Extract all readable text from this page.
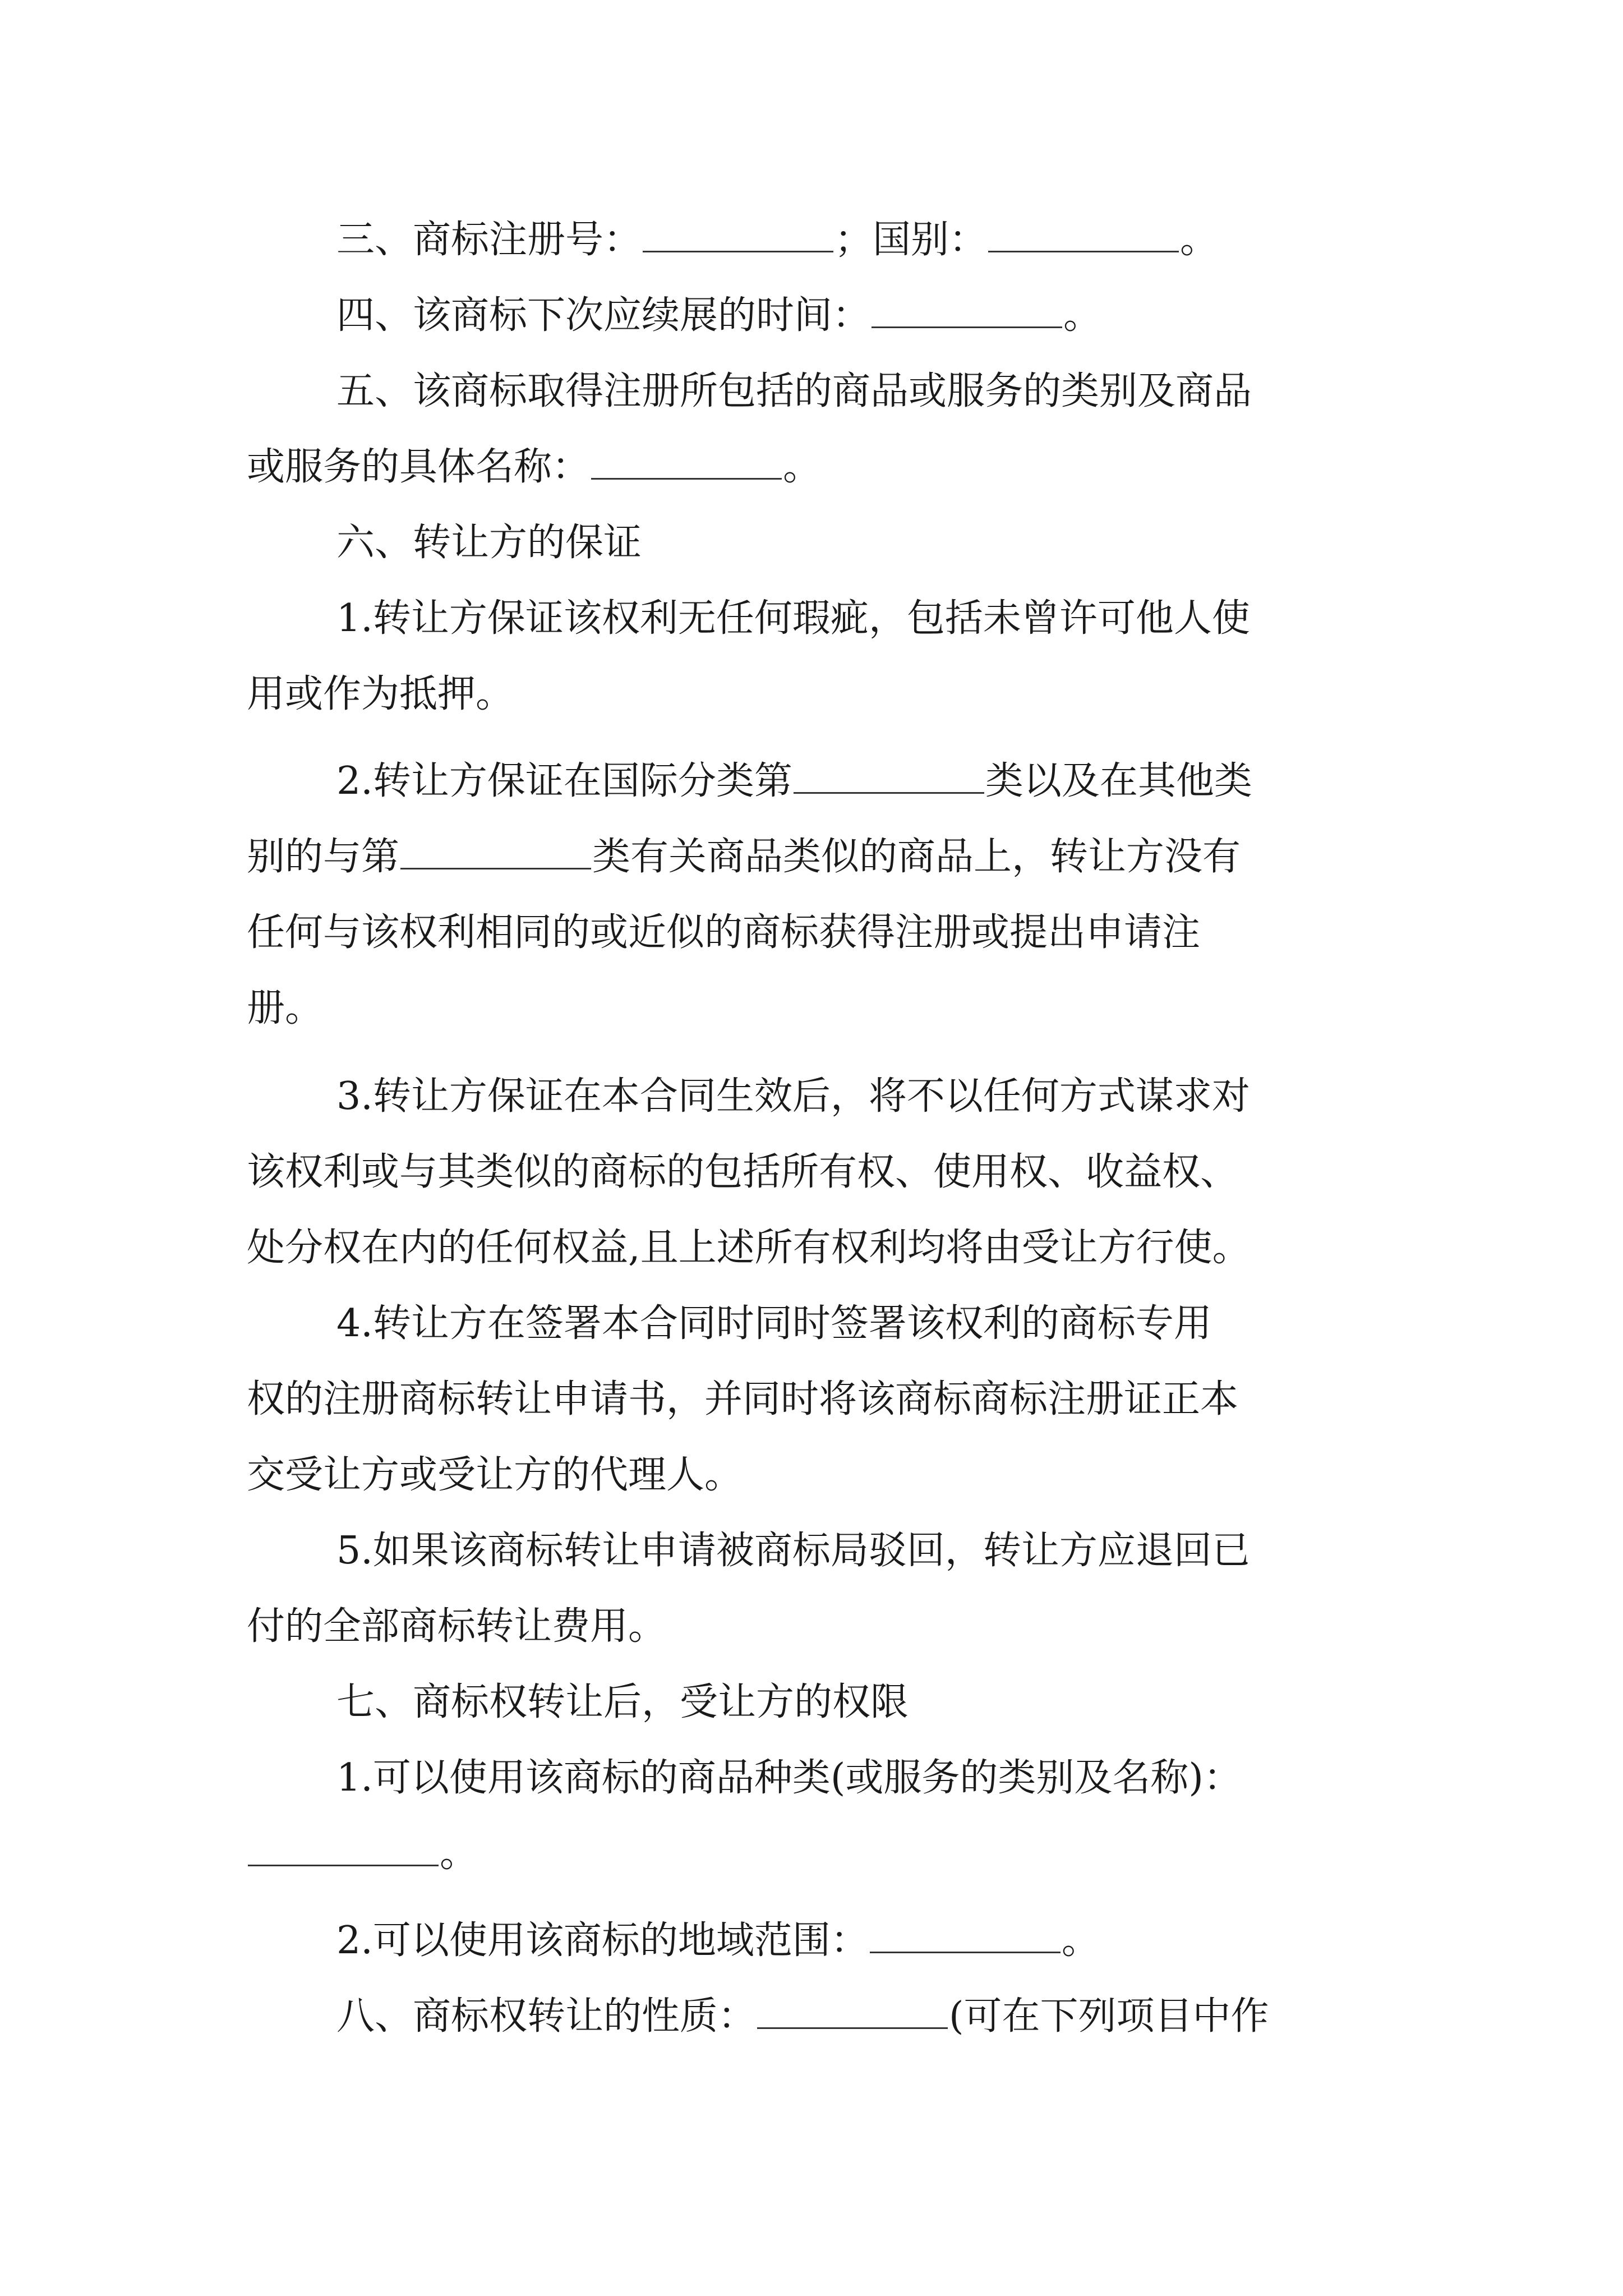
三、商标注册号：	；国别：	。
四、该商标下次应续展的时间：	。
五、该商标取得注册所包括的商品或服务的类别及商品
或服务的具体名称：	。
六、转让方的保证
1.转让方保证该权利无任何瑕疵，包括未曾许可他人使
用或作为抵押。
2.转让方保证在国际分类第	类以及在其他类
别的与第	类有关商品类似的商品上，转让方没有
任何与该权利相同的或近似的商标获得注册或提出申请注
册。
3.转让方保证在本合同生效后，将不以任何方式谋求对
该权利或与其类似的商标的包括所有权、使用权、收益权、
处分权在内的任何权益,且上述所有权利均将由受让方行使。
4.转让方在签署本合同时同时签署该权利的商标专用
权的注册商标转让申请书，并同时将该商标商标注册证正本
交受让方或受让方的代理人。
5.如果该商标转让申请被商标局驳回，转让方应退回已
付的全部商标转让费用。
七、商标权转让后，受让方的权限
1.可以使用该商标的商品种类(或服务的类别及名称)：
。
2.可以使用该商标的地域范围：	。
八、商标权转让的性质：	(可在下列项目中作
